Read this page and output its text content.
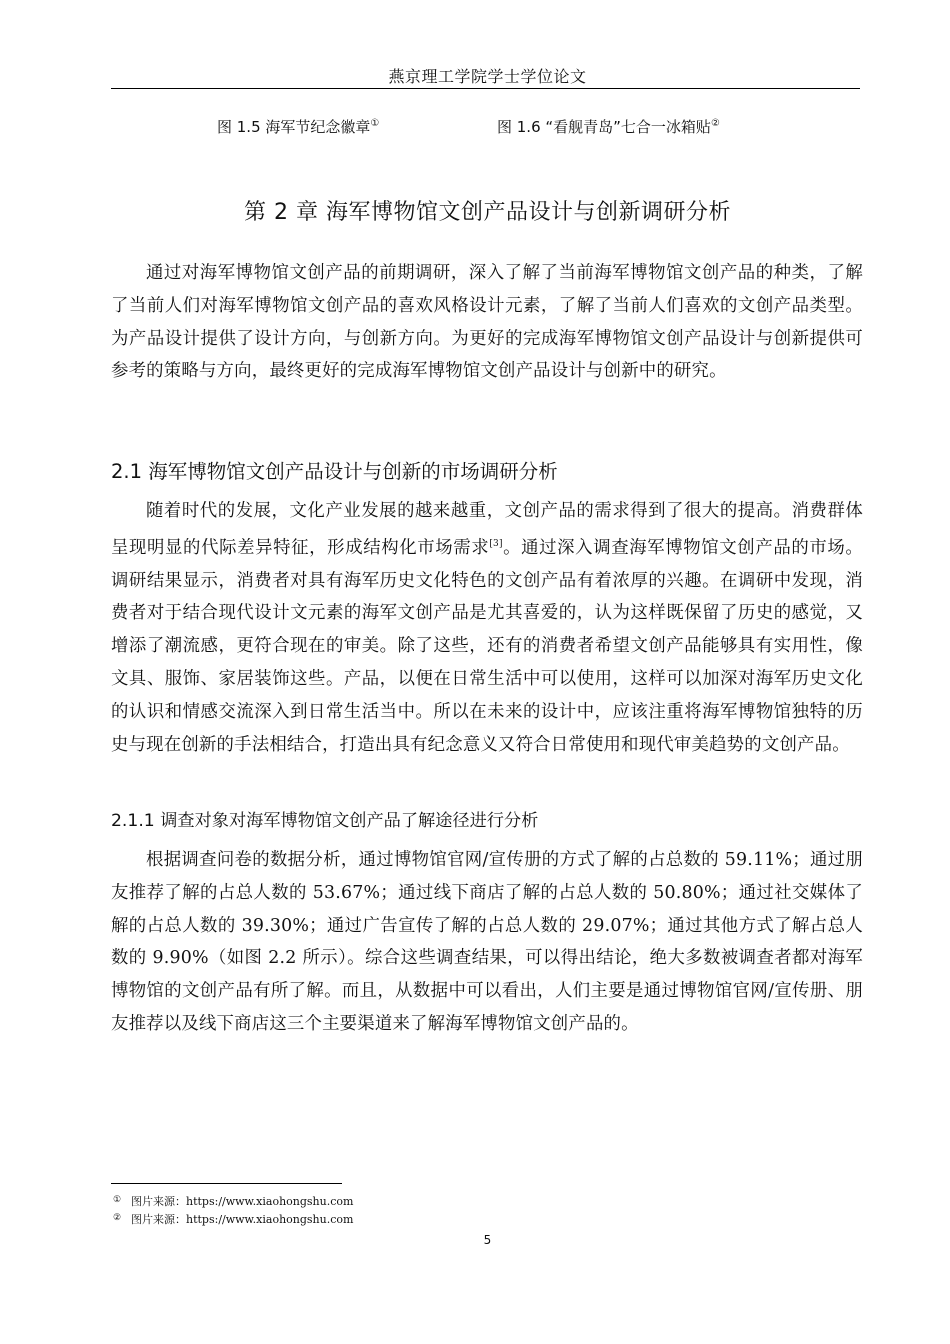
燕京理工学院学士学位论文
图 1.5 海军节纪念徽章①	图 1.6 “看舰青岛”七合一冰箱贴②
第 2 章 海军博物馆文创产品设计与创新调研分析

通过对海军博物馆文创产品的前期调研，深入了解了当前海军博物馆文创产品的种类，了解了当前人们对海军博物馆文创产品的喜欢风格设计元素，了解了当前人们喜欢的文创产品类型。为产品设计提供了设计方向，与创新方向。为更好的完成海军博物馆文创产品设计与创新提供可参考的策略与方向，最终更好的完成海军博物馆文创产品设计与创新中的研究。

2.1 海军博物馆文创产品设计与创新的市场调研分析

随着时代的发展，文化产业发展的越来越重，文创产品的需求得到了很大的提高。消费群体呈现明显的代际差异特征，形成结构化市场需求[3]。通过深入调查海军博物馆文创产品的市场。调研结果显示，消费者对具有海军历史文化特色的文创产品有着浓厚的兴趣。在调研中发现，消费者对于结合现代设计文元素的海军文创产品是尤其喜爱的，认为这样既保留了历史的感觉，又增添了潮流感，更符合现在的审美。除了这些，还有的消费者希望文创产品能够具有实用性，像文具、服饰、家居装饰这些。产品，以便在日常生活中可以使用，这样可以加深对海军历史文化的认识和情感交流深入到日常生活当中。所以在未来的设计中，应该注重将海军博物馆独特的历史与现在创新的手法相结合，打造出具有纪念意义又符合日常使用和现代审美趋势的文创产品。

2.1.1 调查对象对海军博物馆文创产品了解途径进行分析

根据调查问卷的数据分析，通过博物馆官网/宣传册的方式了解的占总数的 59.11%；通过朋友推荐了解的占总人数的 53.67%；通过线下商店了解的占总人数的 50.80%；通过社交媒体了解的占总人数的 39.30%；通过广告宣传了解的占总人数的 29.07%；通过其他方式了解占总人数的 9.90%（如图 2.2 所示）。综合这些调查结果，可以得出结论，绝大多数被调查者都对海军博物馆的文创产品有所了解。而且，从数据中可以看出，人们主要是通过博物馆官网/宣传册、朋友推荐以及线下商店这三个主要渠道来了解海军博物馆文创产品的。

① 图片来源：https://www.xiaohongshu.com
② 图片来源：https://www.xiaohongshu.com
5
